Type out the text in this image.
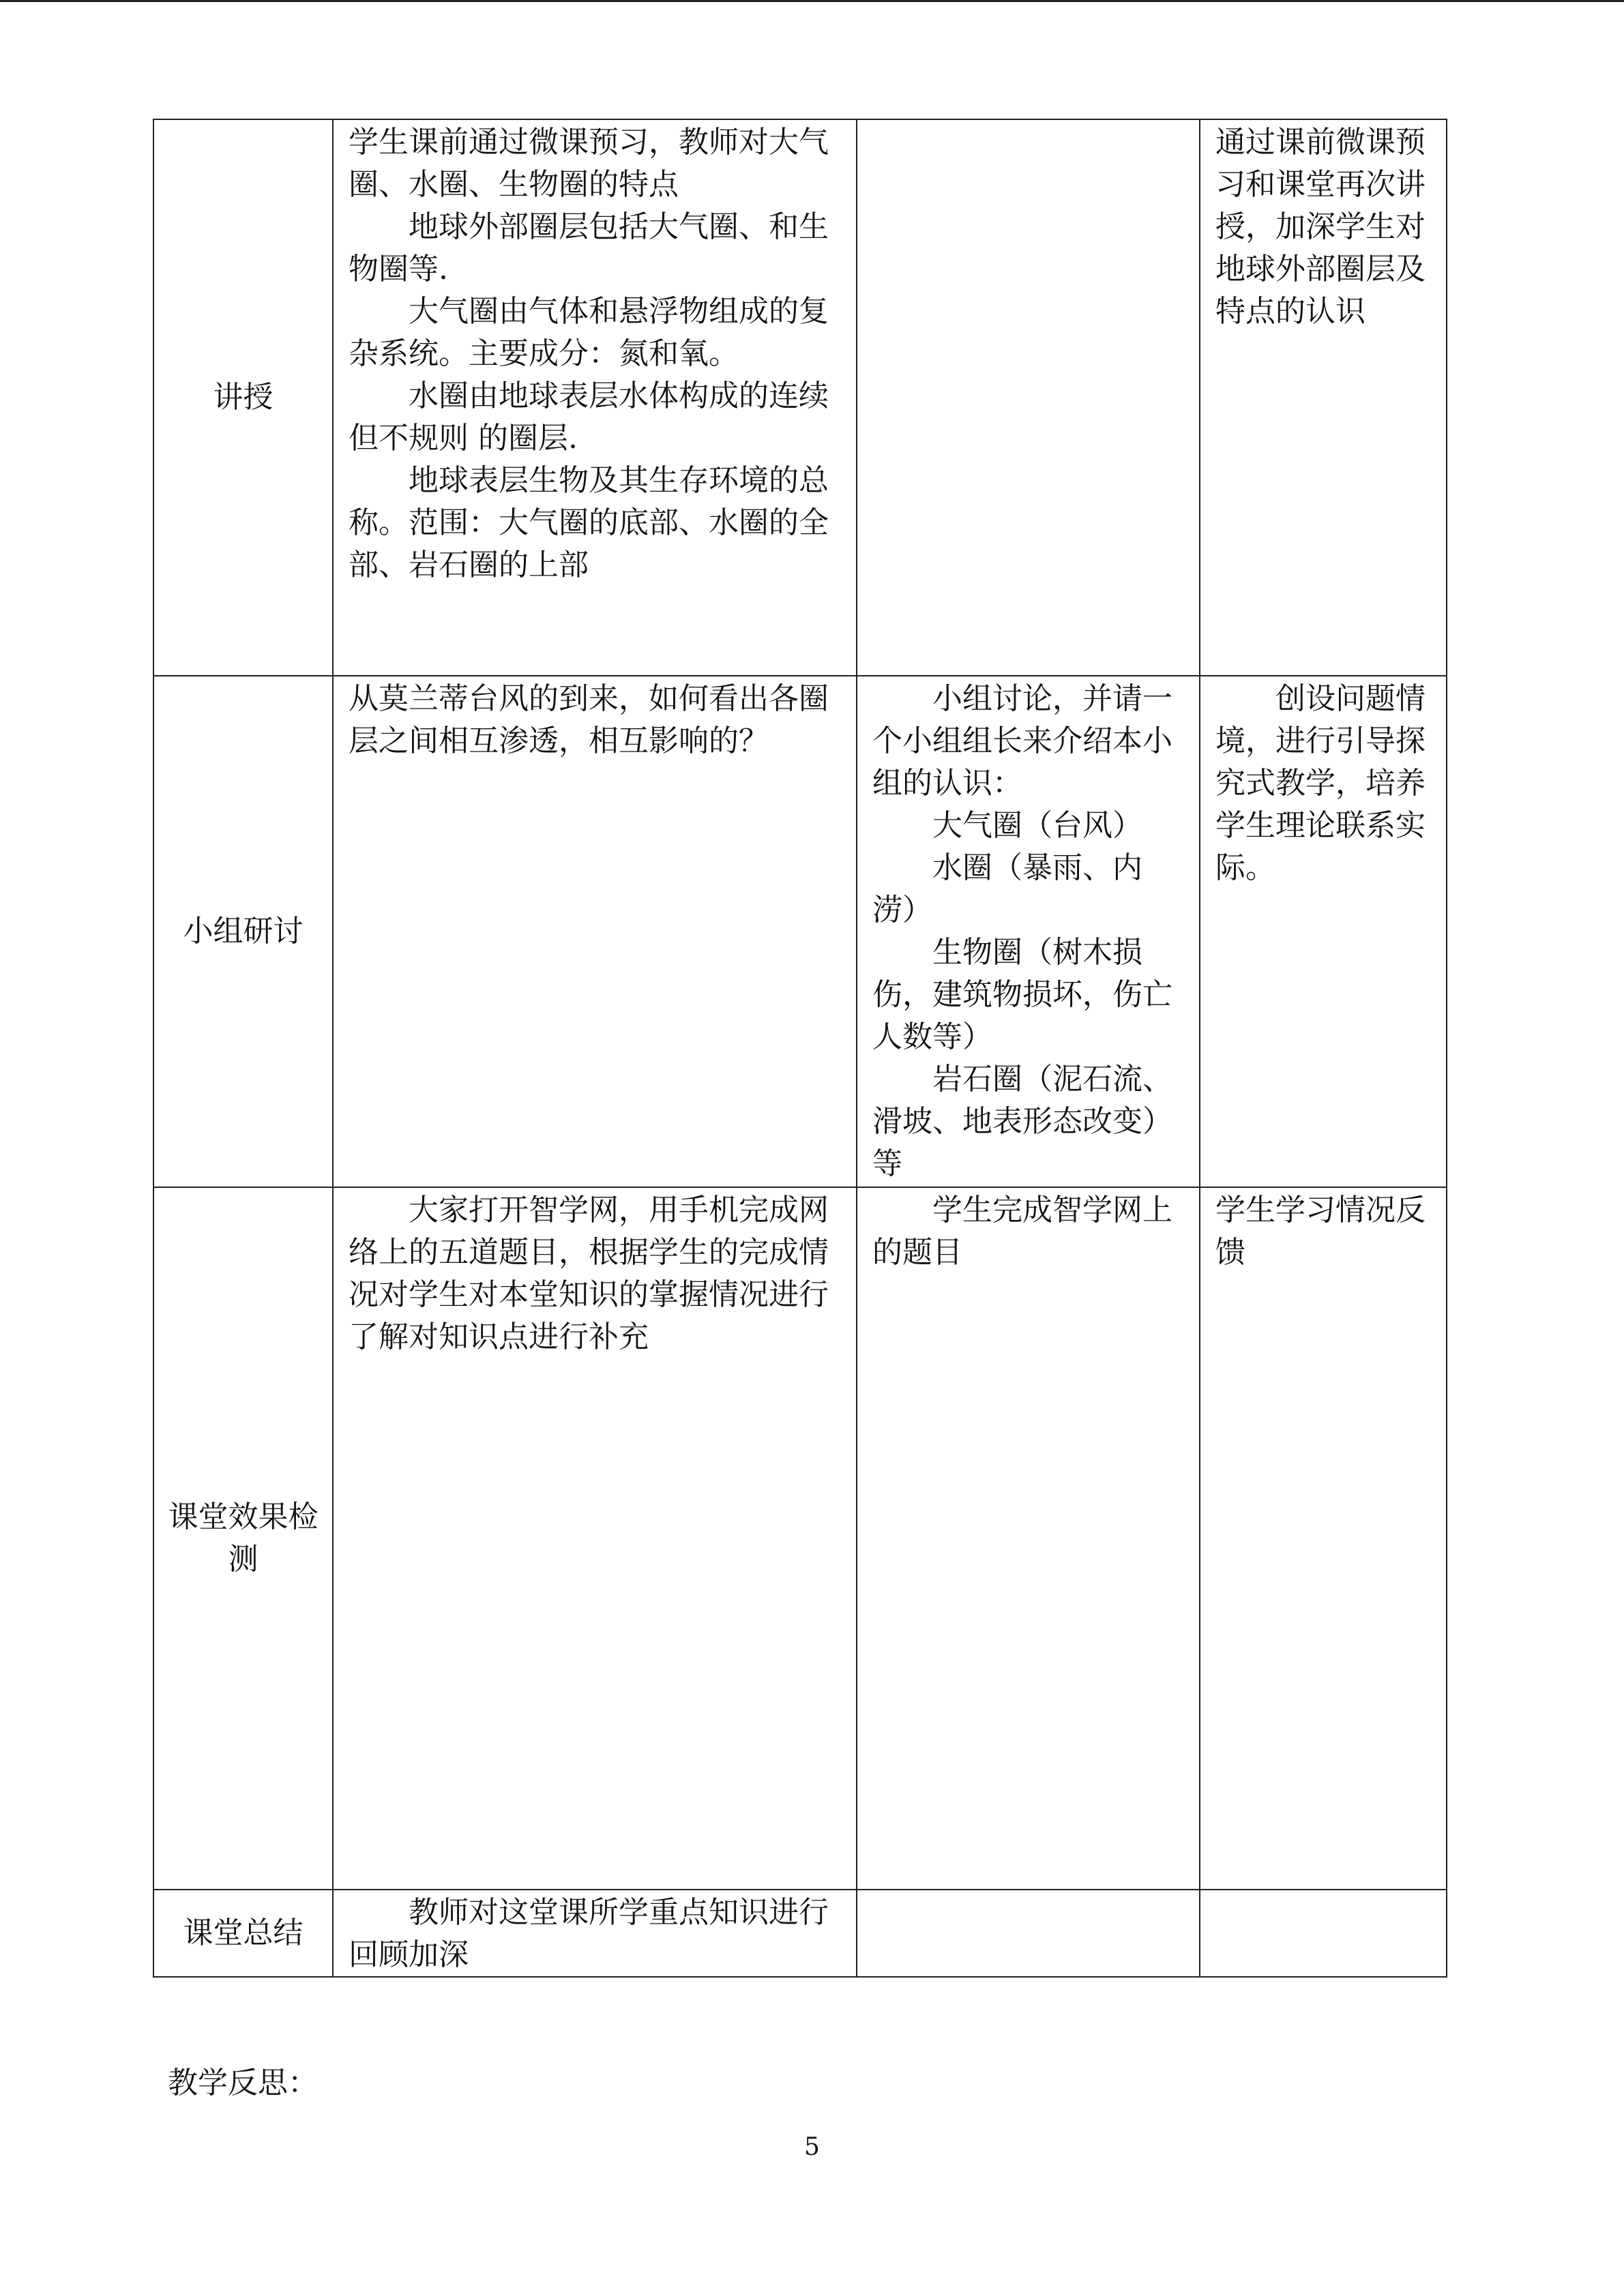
讲授	学生课前通过微课预习，教师对大气圈、水圈、生物圈的特点

地球外部圈层包括大气圈、和生物圈等.

大气圈由气体和悬浮物组成的复杂系统。主要成分：氮和氧。

水圈由地球表层水体构成的连续 但不规则 的圈层.

地球表层生物及其生存环境的总称。范围：大气圈的底部、水圈的全部、岩石圈的上部		通过课前微课预习和课堂再次讲授，加深学生对地球外部圈层及特点的认识

小组研讨	从莫兰蒂台风的到来，如何看出各圈层之间相互渗透，相互影响的？	小组讨论，并请一个小组组长来介绍本小组的认识：

大气圈（台风）

水圈（暴雨、内涝）

生物圈（树木损伤，建筑物损坏，伤亡人数等）

岩石圈（泥石流、滑坡、地表形态改变）等	创设问题情境，进行引导探究式教学，培养学生理论联系实际。

课堂效果检测	大家打开智学网，用手机完成网络上的五道题目，根据学生的完成情况对学生对本堂知识的掌握情况进行了解对知识点进行补充	学生完成智学网上的题目	学生学习情况反馈

课堂总结	教师对这堂课所学重点知识进行回顾加深		

教学反思：

5
